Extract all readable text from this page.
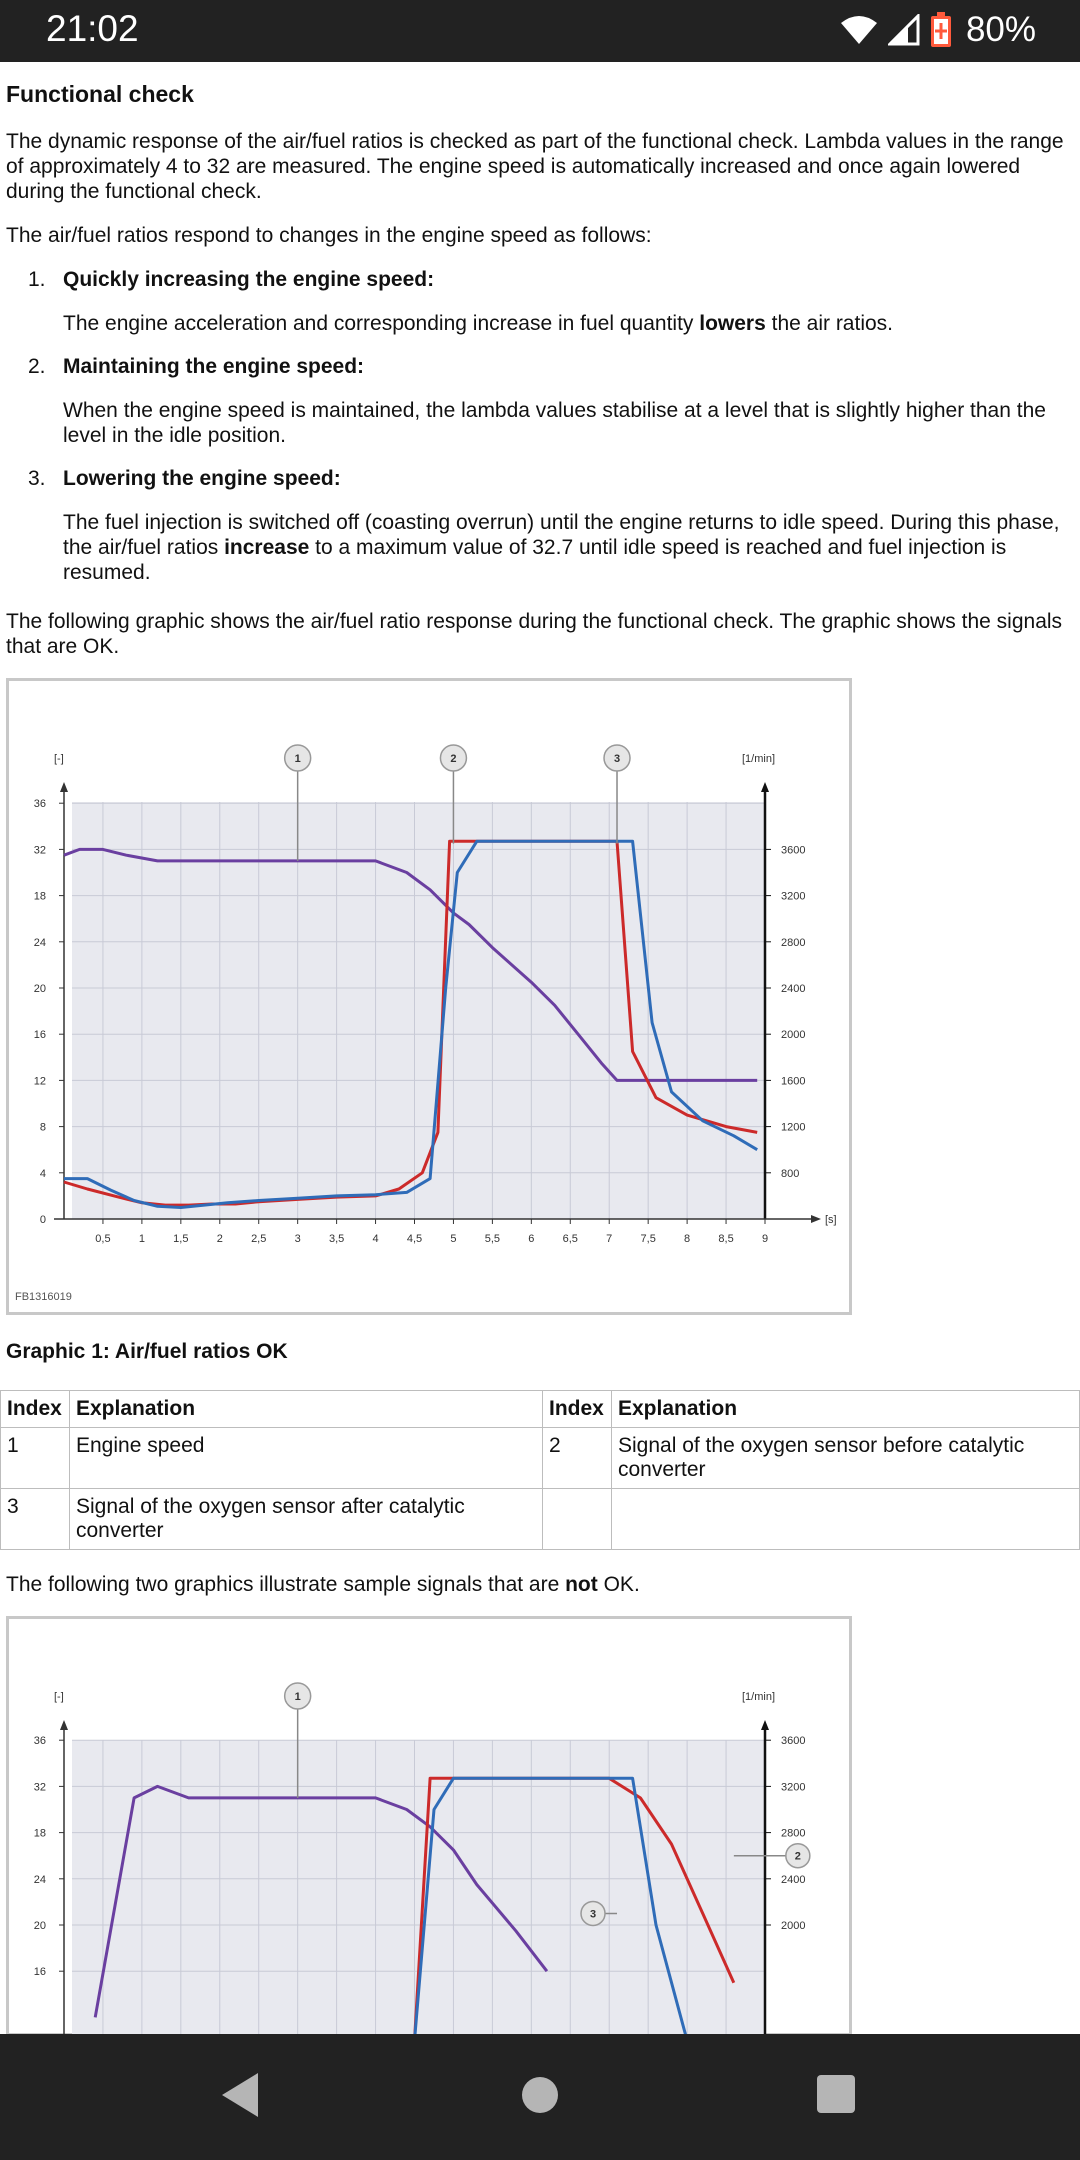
21:02	80%
Functional check

The dynamic response of the air/fuel ratios is checked as part of the functional check. Lambda values in the range of approximately 4 to 32 are measured. The engine speed is automatically increased and once again lowered during the functional check.

The air/fuel ratios respond to changes in the engine speed as follows:

1. Quickly increasing the engine speed:

The engine acceleration and corresponding increase in fuel quantity lowers the air ratios.

2. Maintaining the engine speed:

When the engine speed is maintained, the lambda values stabilise at a level that is slightly higher than the level in the idle position.

3. Lowering the engine speed:

The fuel injection is switched off (coasting overrun) until the engine returns to idle speed. During this phase, the air/fuel ratios increase to a maximum value of 32.7 until idle speed is reached and fuel injection is resumed.

The following graphic shows the air/fuel ratio response during the functional check. The graphic shows the signals that are OK.

[-]	[1/min]
0
4
8
12
16
20
24
18
32
36
800
1200
1600
2000
2400
2800
3200
3600
[s]
0,5	1	1,5	2	2,5	3	3,5	4	4,5	5	5,5	6	6,5	7	7,5	8	8,5	9
1	2	3
FB1316019
Graphic 1: Air/fuel ratios OK
Index	Explanation	Index	Explanation
1	Engine speed	2	Signal of the oxygen sensor before catalytic converter
3	Signal of the oxygen sensor after catalytic converter		

The following two graphics illustrate sample signals that are not OK.

[-]	[1/min]
16
20
24
18
32
36
2000
2400
2800
3200
3600
1
2
3
